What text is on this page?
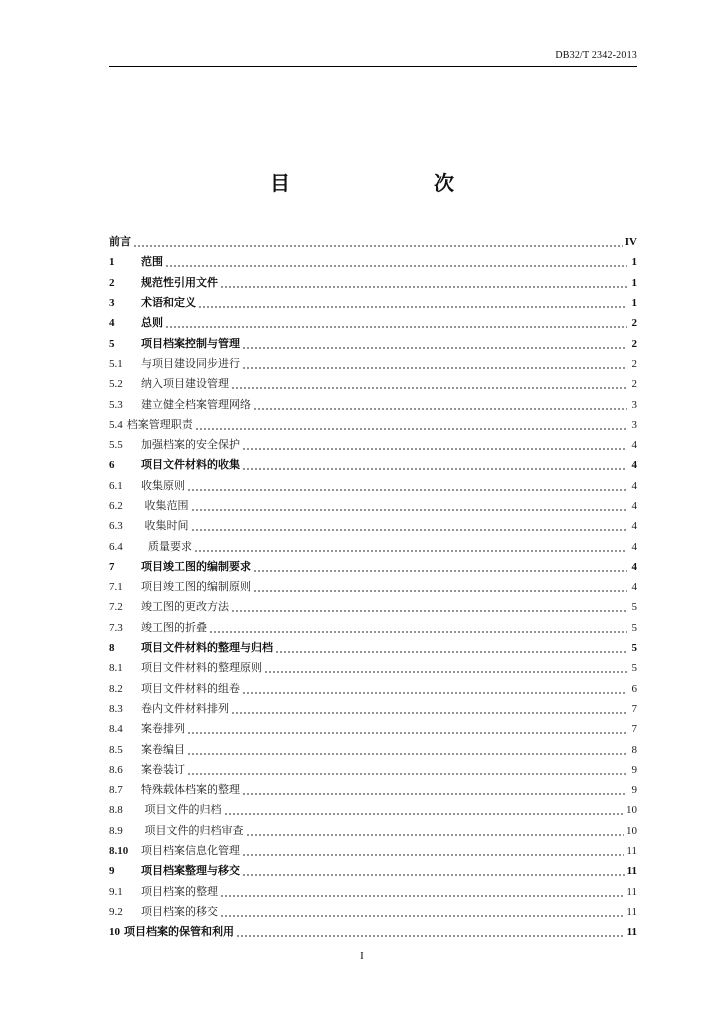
DB32/T 2342-2013
目　次
前言	IV
1	范围	1
2	规范性引用文件	1
3	术语和定义	1
4	总则	2
5	项目档案控制与管理	2
5.1	与项目建设同步进行	2
5.2	纳入项目建设管理	2
5.3	建立健全档案管理网络	3
5.4 档案管理职责	3
5.5	加强档案的安全保护	4
6	项目文件材料的收集	4
6.1	收集原则	4
6.2	收集范围	4
6.3	收集时间	4
6.4	质量要求	4
7	项目竣工图的编制要求	4
7.1	项目竣工图的编制原则	4
7.2	竣工图的更改方法	5
7.3	竣工图的折叠	5
8	项目文件材料的整理与归档	5
8.1	项目文件材料的整理原则	5
8.2	项目文件材料的组卷	6
8.3	卷内文件材料排列	7
8.4	案卷排列	7
8.5	案卷编目	8
8.6	案卷装订	9
8.7	特殊载体档案的整理	9
8.8	项目文件的归档	10
8.9	项目文件的归档审查	10
8.10	项目档案信息化管理	11
9	项目档案整理与移交	11
9.1	项目档案的整理	11
9.2	项目档案的移交	11
10 项目档案的保管和利用	11
I
